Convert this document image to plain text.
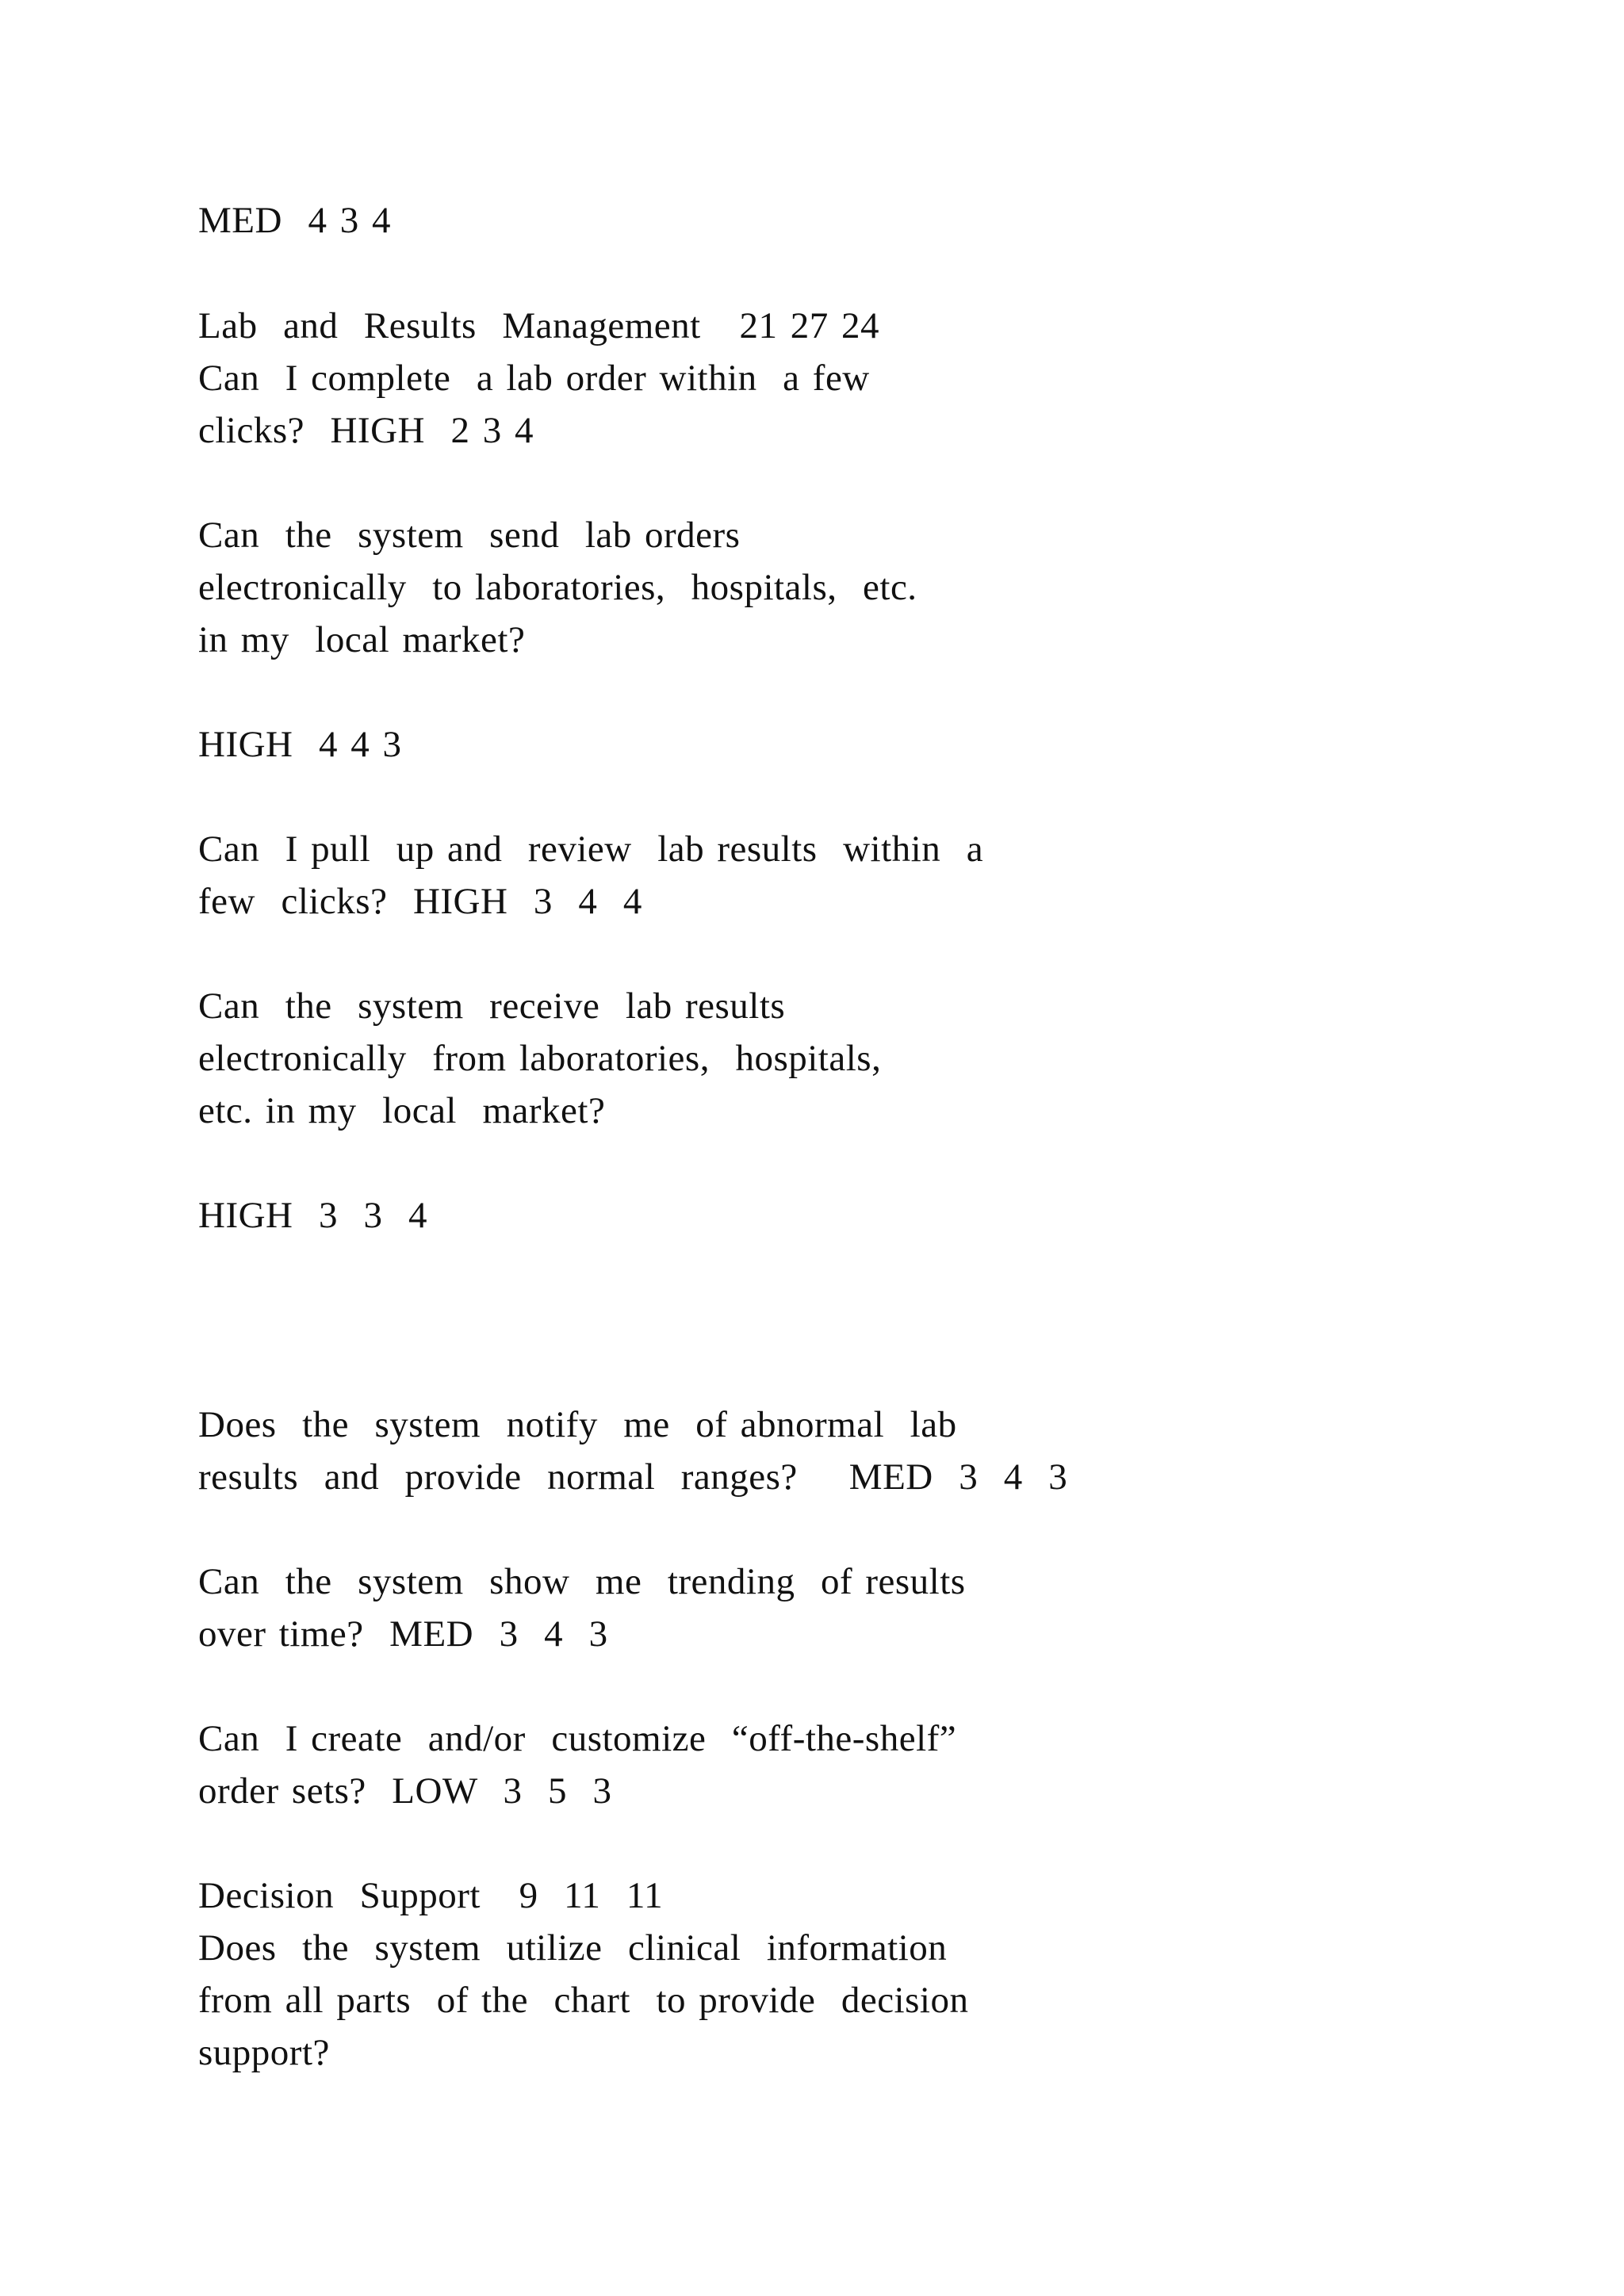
MED  4 3 4
Lab  and  Results  Management   21 27 24
Can  I complete  a lab order within  a few
clicks?  HIGH  2 3 4
Can  the  system  send  lab orders
electronically  to laboratories,  hospitals,  etc.
in my  local market?
HIGH  4 4 3
Can  I pull  up and  review  lab results  within  a
few  clicks?  HIGH  3  4  4
Can  the  system  receive  lab results
electronically  from laboratories,  hospitals,
etc. in my  local  market?
HIGH  3  3  4
Does  the  system  notify  me  of abnormal  lab
results  and  provide  normal  ranges?    MED  3  4  3
Can  the  system  show  me  trending  of results
over time?  MED  3  4  3
Can  I create  and/or  customize  “off-the-shelf”
order sets?  LOW  3  5  3
Decision  Support   9  11  11
Does  the  system  utilize  clinical  information
from all parts  of the  chart  to provide  decision
support?
